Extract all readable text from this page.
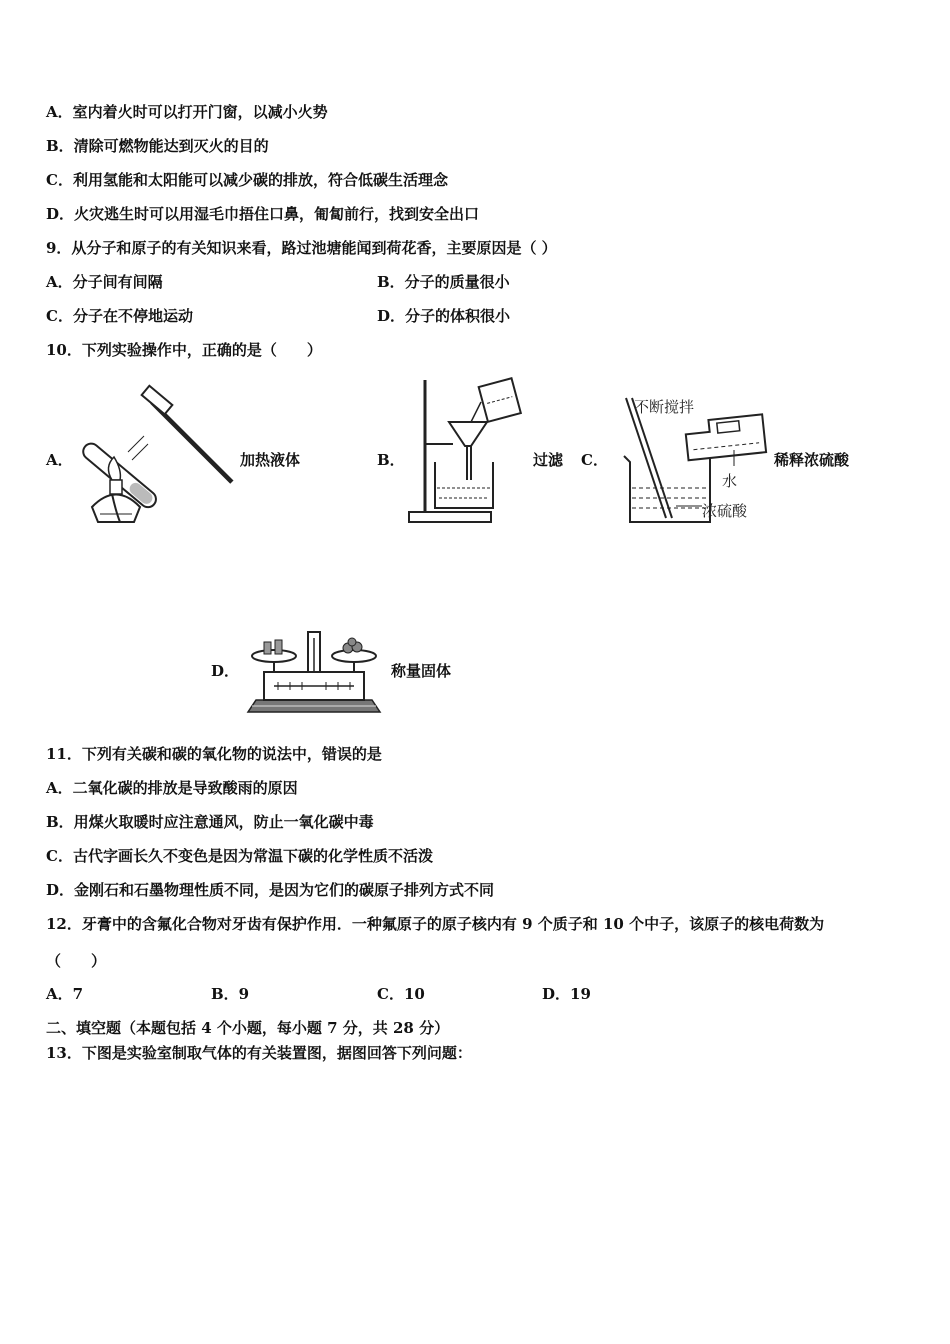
A．室内着火时可以打开门窗，以减小火势
B．清除可燃物能达到灭火的目的
C．利用氢能和太阳能可以减少碳的排放，符合低碳生活理念
D．火灾逃生时可以用湿毛巾捂住口鼻，匍匐前行，找到安全出口
9．从分子和原子的有关知识来看，路过池塘能闻到荷花香，主要原因是（ ）
A．分子间有间隔	B．分子的质量很小
C．分子在不停地运动	D．分子的体积很小
10．下列实验操作中，正确的是（　　）
A．	加热液体	B．	过滤 C．
不断搅拌
水
浓硫酸
稀释浓硫酸
D．	称量固体
11．下列有关碳和碳的氧化物的说法中，错误的是
A．二氧化碳的排放是导致酸雨的原因
B．用煤火取暖时应注意通风，防止一氧化碳中毒
C．古代字画长久不变色是因为常温下碳的化学性质不活泼
D．金刚石和石墨物理性质不同，是因为它们的碳原子排列方式不同
12．牙膏中的含氟化合物对牙齿有保护作用．一种氟原子的原子核内有 9 个质子和 10 个中子，该原子的核电荷数为
（　　）
A．7	B．9	C．10	D．19
二、填空题（本题包括 4 个小题，每小题 7 分，共 28 分）
13．下图是实验室制取气体的有关装置图，据图回答下列问题：
